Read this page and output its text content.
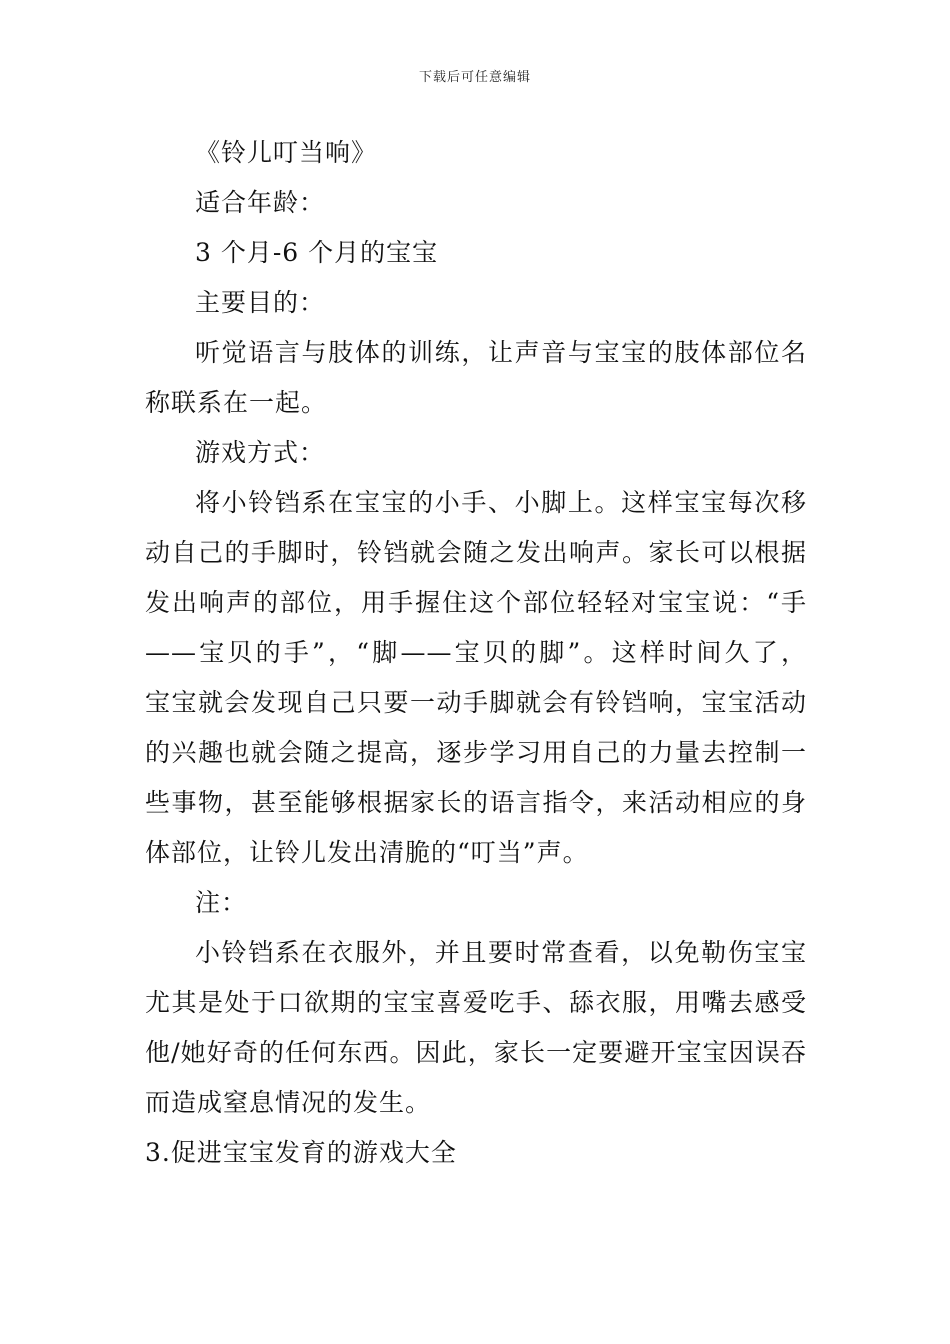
下载后可任意编辑
《铃儿叮当响》
适合年龄：
3 个月-6 个月的宝宝
主要目的：
听觉语言与肢体的训练，让声音与宝宝的肢体部位名
称联系在一起。
游戏方式：
将小铃铛系在宝宝的小手、小脚上。这样宝宝每次移
动自己的手脚时，铃铛就会随之发出响声。家长可以根据
发出响声的部位，用手握住这个部位轻轻对宝宝说：“手
——宝贝的手”，“脚——宝贝的脚”。这样时间久了，
宝宝就会发现自己只要一动手脚就会有铃铛响，宝宝活动
的兴趣也就会随之提高，逐步学习用自己的力量去控制一
些事物，甚至能够根据家长的语言指令，来活动相应的身
体部位，让铃儿发出清脆的“叮当”声。
注：
小铃铛系在衣服外，并且要时常查看，以免勒伤宝宝
尤其是处于口欲期的宝宝喜爱吃手、舔衣服，用嘴去感受
他/她好奇的任何东西。因此，家长一定要避开宝宝因误吞
而造成窒息情况的发生。
3.促进宝宝发育的游戏大全
